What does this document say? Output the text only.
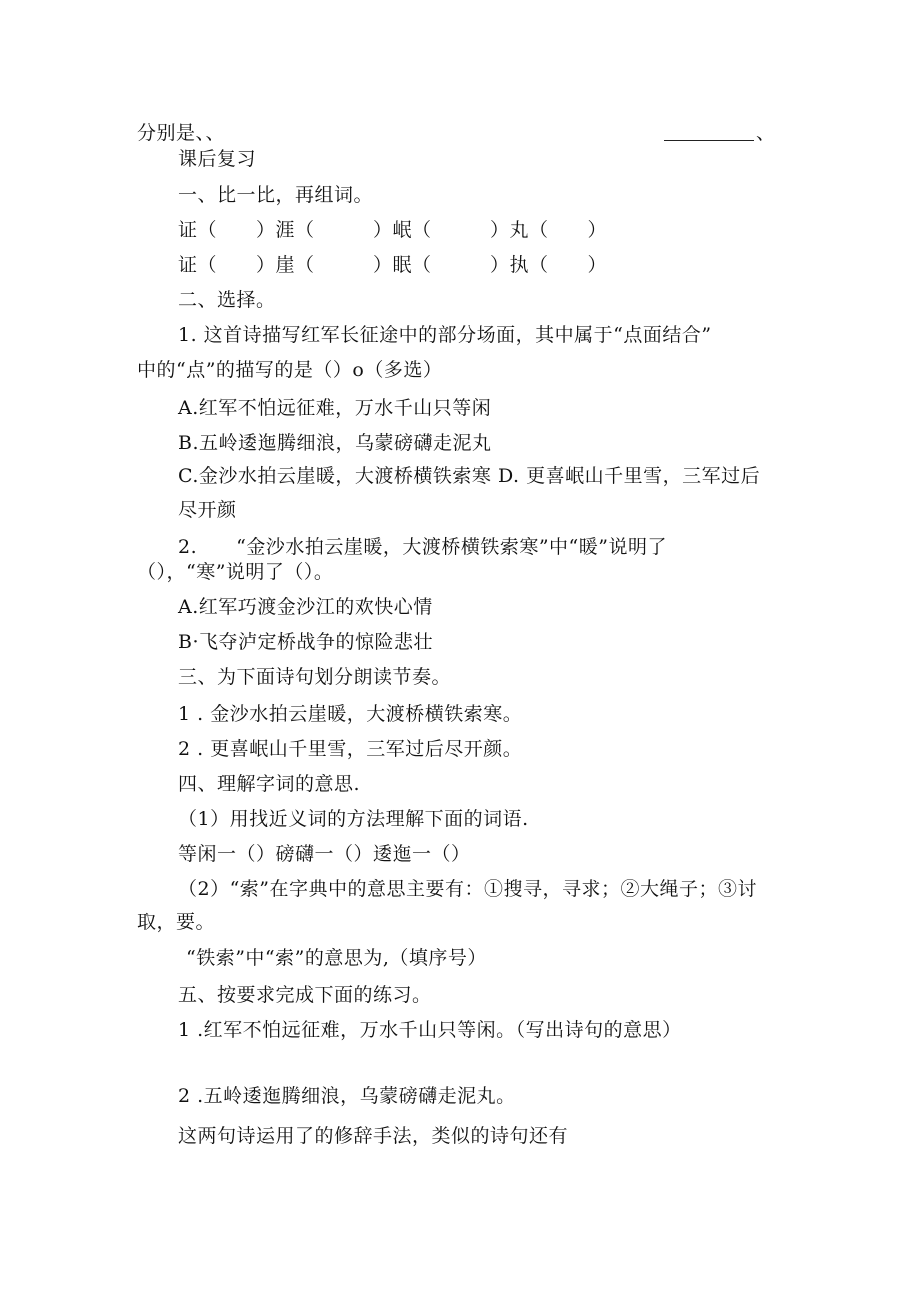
分别是、、	、
课后复习
一、比一比，再组词。
证（　　）涯（　　　）岷（　　　）丸（　　）
证（　　）崖（　　　）眠（　　　）执（　　）
二、选择。
1. 这首诗描写红军长征途中的部分场面，其中属于“点面结合”
中的“点”的描写的是（）o（多选）
A.红军不怕远征难，万水千山只等闲
B.五岭逶迤腾细浪，乌蒙磅礴走泥丸
C.金沙水拍云崖暖，大渡桥横铁索寒 D. 更喜岷山千里雪，三军过后
尽开颜
2.　　“金沙水拍云崖暖，大渡桥横铁索寒”中“暖”说明了
（），“寒”说明了（）。
A.红军巧渡金沙江的欢快心情
B·飞夺泸定桥战争的惊险悲壮
三、为下面诗句划分朗读节奏。
1 . 金沙水拍云崖暖，大渡桥横铁索寒。
2 . 更喜岷山千里雪，三军过后尽开颜。
四、理解字词的意思.
（1）用找近义词的方法理解下面的词语.
等闲一（）磅礴一（）逶迤一（）
（2）“索”在字典中的意思主要有：①搜寻，寻求；②大绳子；③讨
取，要。
“铁索”中“索”的意思为,（填序号）
五、按要求完成下面的练习。
1 .红军不怕远征难，万水千山只等闲。（写出诗句的意思）
2 .五岭逶迤腾细浪，乌蒙磅礴走泥丸。
这两句诗运用了的修辞手法，类似的诗句还有
